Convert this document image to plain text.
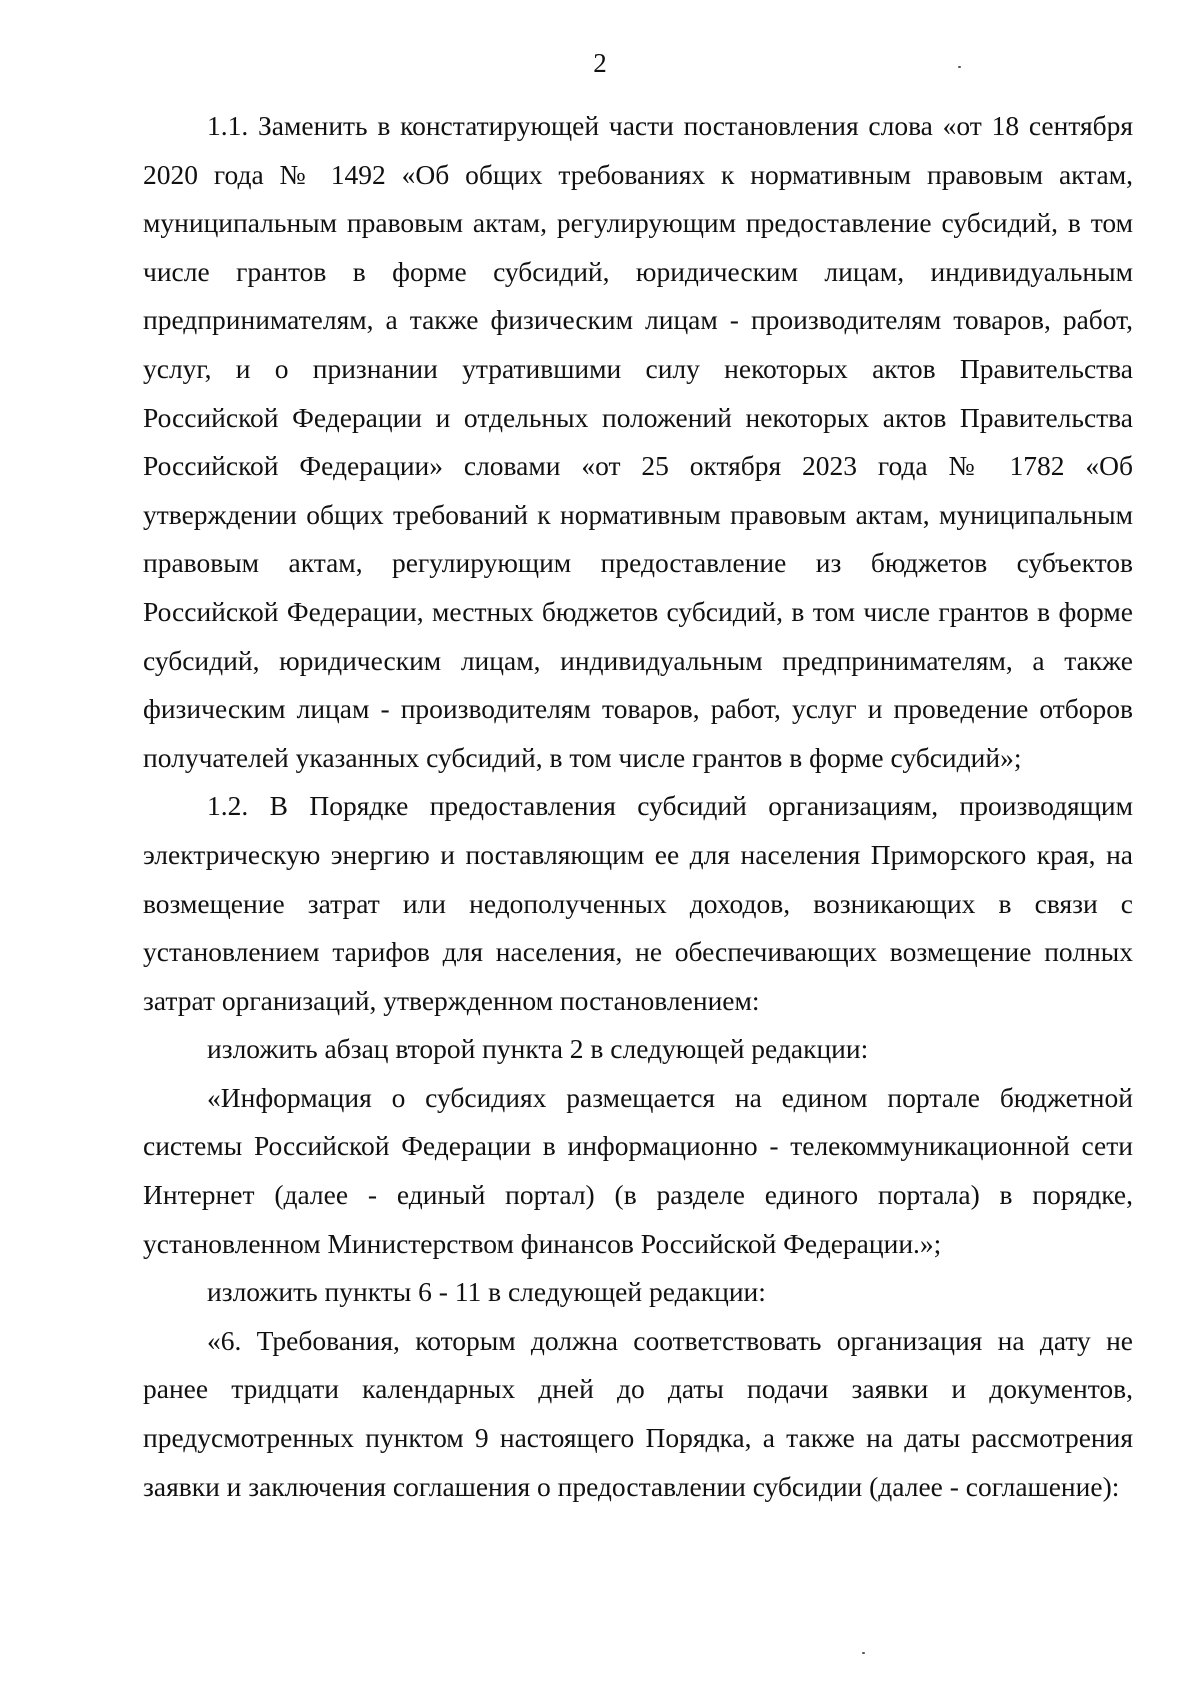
2

1.1. Заменить в констатирующей части постановления слова «от 18 сентября 2020 года № 1492 «Об общих требованиях к нормативным правовым актам, муниципальным правовым актам, регулирующим предоставление субсидий, в том числе грантов в форме субсидий, юридическим лицам, индивидуальным предпринимателям, а также физическим лицам - производителям товаров, работ, услуг, и о признании утратившими силу некоторых актов Правительства Российской Федерации и отдельных положений некоторых актов Правительства Российской Федерации» словами «от 25 октября 2023 года № 1782 «Об утверждении общих требований к нормативным правовым актам, муниципальным правовым актам, регулирующим предоставление из бюджетов субъектов Российской Федерации, местных бюджетов субсидий, в том числе грантов в форме субсидий, юридическим лицам, индивидуальным предпринимателям, а также физическим лицам - производителям товаров, работ, услуг и проведение отборов получателей указанных субсидий, в том числе грантов в форме субсидий»;

1.2. В Порядке предоставления субсидий организациям, производящим электрическую энергию и поставляющим ее для населения Приморского края, на возмещение затрат или недополученных доходов, возникающих в связи с установлением тарифов для населения, не обеспечивающих возмещение полных затрат организаций, утвержденном постановлением:

изложить абзац второй пункта 2 в следующей редакции:

«Информация о субсидиях размещается на едином портале бюджетной системы Российской Федерации в информационно - телекоммуникационной сети Интернет (далее - единый портал) (в разделе единого портала) в порядке, установленном Министерством финансов Российской Федерации.»;

изложить пункты 6 - 11 в следующей редакции:

«6. Требования, которым должна соответствовать организация на дату не ранее тридцати календарных дней до даты подачи заявки и документов, предусмотренных пунктом 9 настоящего Порядка, а также на даты рассмотрения заявки и заключения соглашения о предоставлении субсидии (далее - соглашение):
